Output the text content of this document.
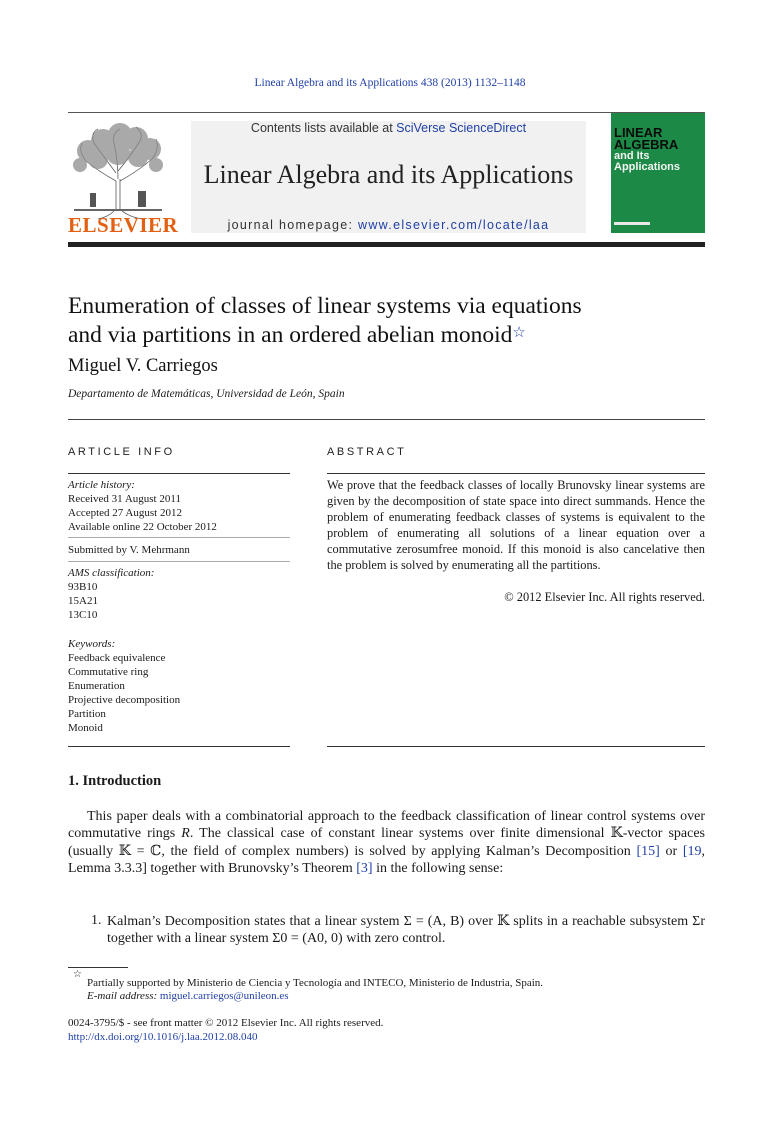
Linear Algebra and its Applications 438 (2013) 1132–1148
ELSEVIER
Contents lists available at SciVerse ScienceDirect
Linear Algebra and its Applications
journal homepage: www.elsevier.com/locate/laa
LINEAR
ALGEBRA
and Its
Applications
Enumeration of classes of linear systems via equations
and via partitions in an ordered abelian monoid☆
Miguel V. Carriegos
Departamento de Matemáticas, Universidad de León, Spain
ARTICLE INFO	ABSTRACT
Article history:
Received 31 August 2011
Accepted 27 August 2012
Available online 22 October 2012
Submitted by V. Mehrmann
AMS classification:
93B10
15A21
13C10
Keywords:
Feedback equivalence
Commutative ring
Enumeration
Projective decomposition
Partition
Monoid
We prove that the feedback classes of locally Brunovsky linear systems are given by the decomposition of state space into direct summands. Hence the problem of enumerating feedback classes of systems is equivalent to the problem of enumerating all solutions of a linear equation over a commutative zerosumfree monoid. If this monoid is also cancelative then the problem is solved by enumerating all the partitions.
© 2012 Elsevier Inc. All rights reserved.
1. Introduction
This paper deals with a combinatorial approach to the feedback classification of linear control systems over commutative rings R. The classical case of constant linear systems over finite dimensional 𝕂-vector spaces (usually 𝕂 = ℂ, the field of complex numbers) is solved by applying Kalman’s Decomposition [15] or [19, Lemma 3.3.3] together with Brunovsky’s Theorem [3] in the following sense:
1. Kalman’s Decomposition states that a linear system Σ = (A, B) over 𝕂 splits in a reachable subsystem Σr together with a linear system Σ0 = (A0, 0) with zero control.
☆
Partially supported by Ministerio de Ciencia y Tecnología and INTECO, Ministerio de Industria, Spain.
E-mail address: miguel.carriegos@unileon.es
0024-3795/$ - see front matter © 2012 Elsevier Inc. All rights reserved.
http://dx.doi.org/10.1016/j.laa.2012.08.040
